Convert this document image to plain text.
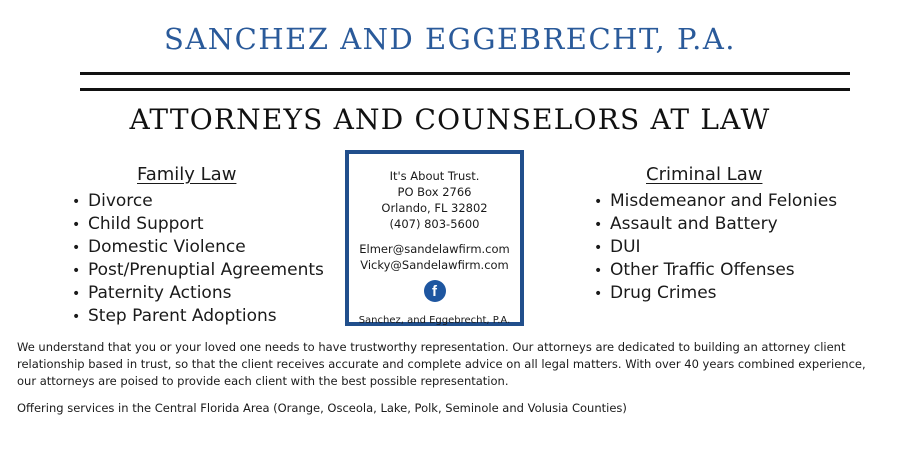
SANCHEZ AND EGGEBRECHT, P.A.
ATTORNEYS AND COUNSELORS AT LAW
Family Law
• Divorce
• Child Support
• Domestic Violence
• Post/Prenuptial Agreements
• Paternity Actions
• Step Parent Adoptions
It's About Trust.
PO Box 2766
Orlando, FL 32802
(407) 803-5600
Elmer@sandelawfirm.com
Vicky@Sandelawfirm.com
f
Sanchez, and Eggebrecht, P.A.
Criminal Law
• Misdemeanor and Felonies
• Assault and Battery
• DUI
• Other Traffic Offenses
• Drug Crimes

We understand that you or your loved one needs to have trustworthy representation. Our attorneys are dedicated to building an attorney client relationship based in trust, so that the client receives accurate and complete advice on all legal matters. With over 40 years combined experience, our attorneys are poised to provide each client with the best possible representation.

Offering services in the Central Florida Area (Orange, Osceola, Lake, Polk, Seminole and Volusia Counties)
